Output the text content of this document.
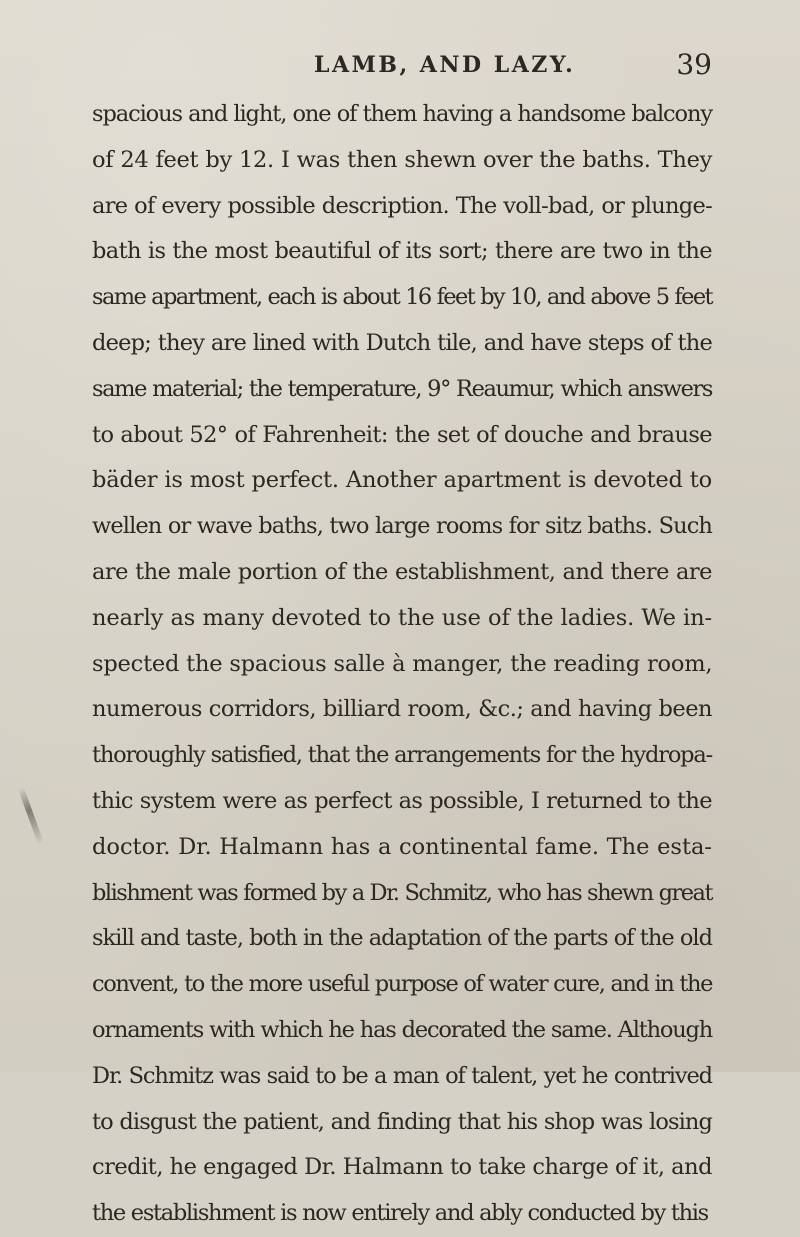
LAMB, AND LAZY.	39
spacious and light, one of them having a handsome balcony
of 24 feet by 12. I was then shewn over the baths. They
are of every possible description. The voll-bad, or plunge-
bath is the most beautiful of its sort; there are two in the
same apartment, each is about 16 feet by 10, and above 5 feet
deep; they are lined with Dutch tile, and have steps of the
same material; the temperature, 9° Reaumur, which answers
to about 52° of Fahrenheit: the set of douche and brause
bäder is most perfect. Another apartment is devoted to
wellen or wave baths, two large rooms for sitz baths. Such
are the male portion of the establishment, and there are
nearly as many devoted to the use of the ladies. We in-
spected the spacious salle à manger, the reading room,
numerous corridors, billiard room, &c.; and having been
thoroughly satisfied, that the arrangements for the hydropa-
thic system were as perfect as possible, I returned to the
doctor. Dr. Halmann has a continental fame. The esta-
blishment was formed by a Dr. Schmitz, who has shewn great
skill and taste, both in the adaptation of the parts of the old
convent, to the more useful purpose of water cure, and in the
ornaments with which he has decorated the same. Although
Dr. Schmitz was said to be a man of talent, yet he contrived
to disgust the patient, and finding that his shop was losing
credit, he engaged Dr. Halmann to take charge of it, and
the establishment is now entirely and ably conducted by this
